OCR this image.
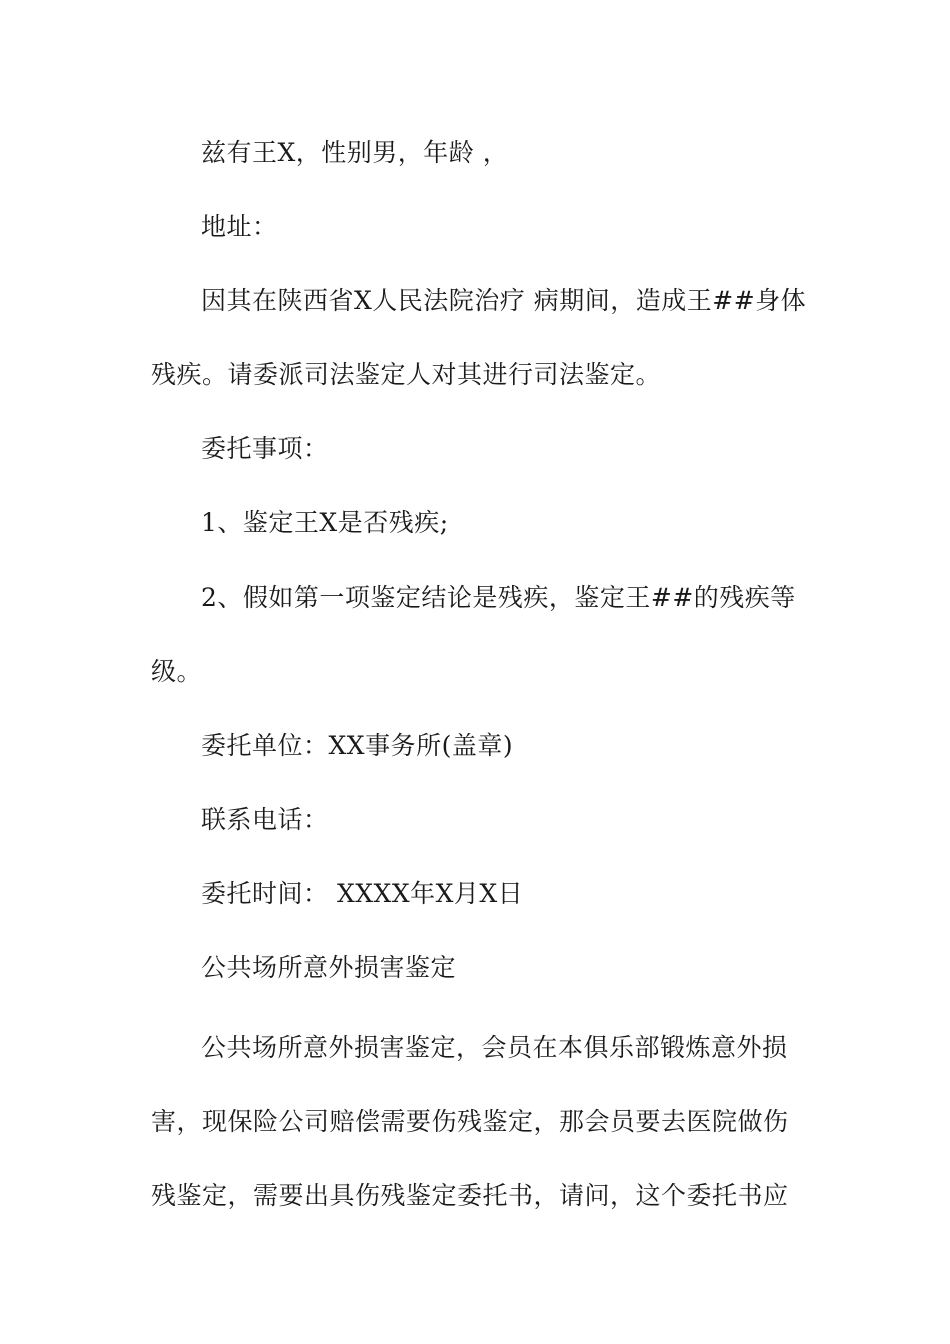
兹有王X，性别男，年龄 ，
地址：
因其在陕西省X人民法院治疗 病期间，造成王##身体
残疾。请委派司法鉴定人对其进行司法鉴定。
委托事项：
1、鉴定王X是否残疾;
2、假如第一项鉴定结论是残疾，鉴定王##的残疾等
级。
委托单位：XX事务所(盖章)
联系电话：
委托时间： XXXX年X月X日
公共场所意外损害鉴定
公共场所意外损害鉴定，会员在本俱乐部锻炼意外损
害，现保险公司赔偿需要伤残鉴定，那会员要去医院做伤
残鉴定，需要出具伤残鉴定委托书，请问，这个委托书应
